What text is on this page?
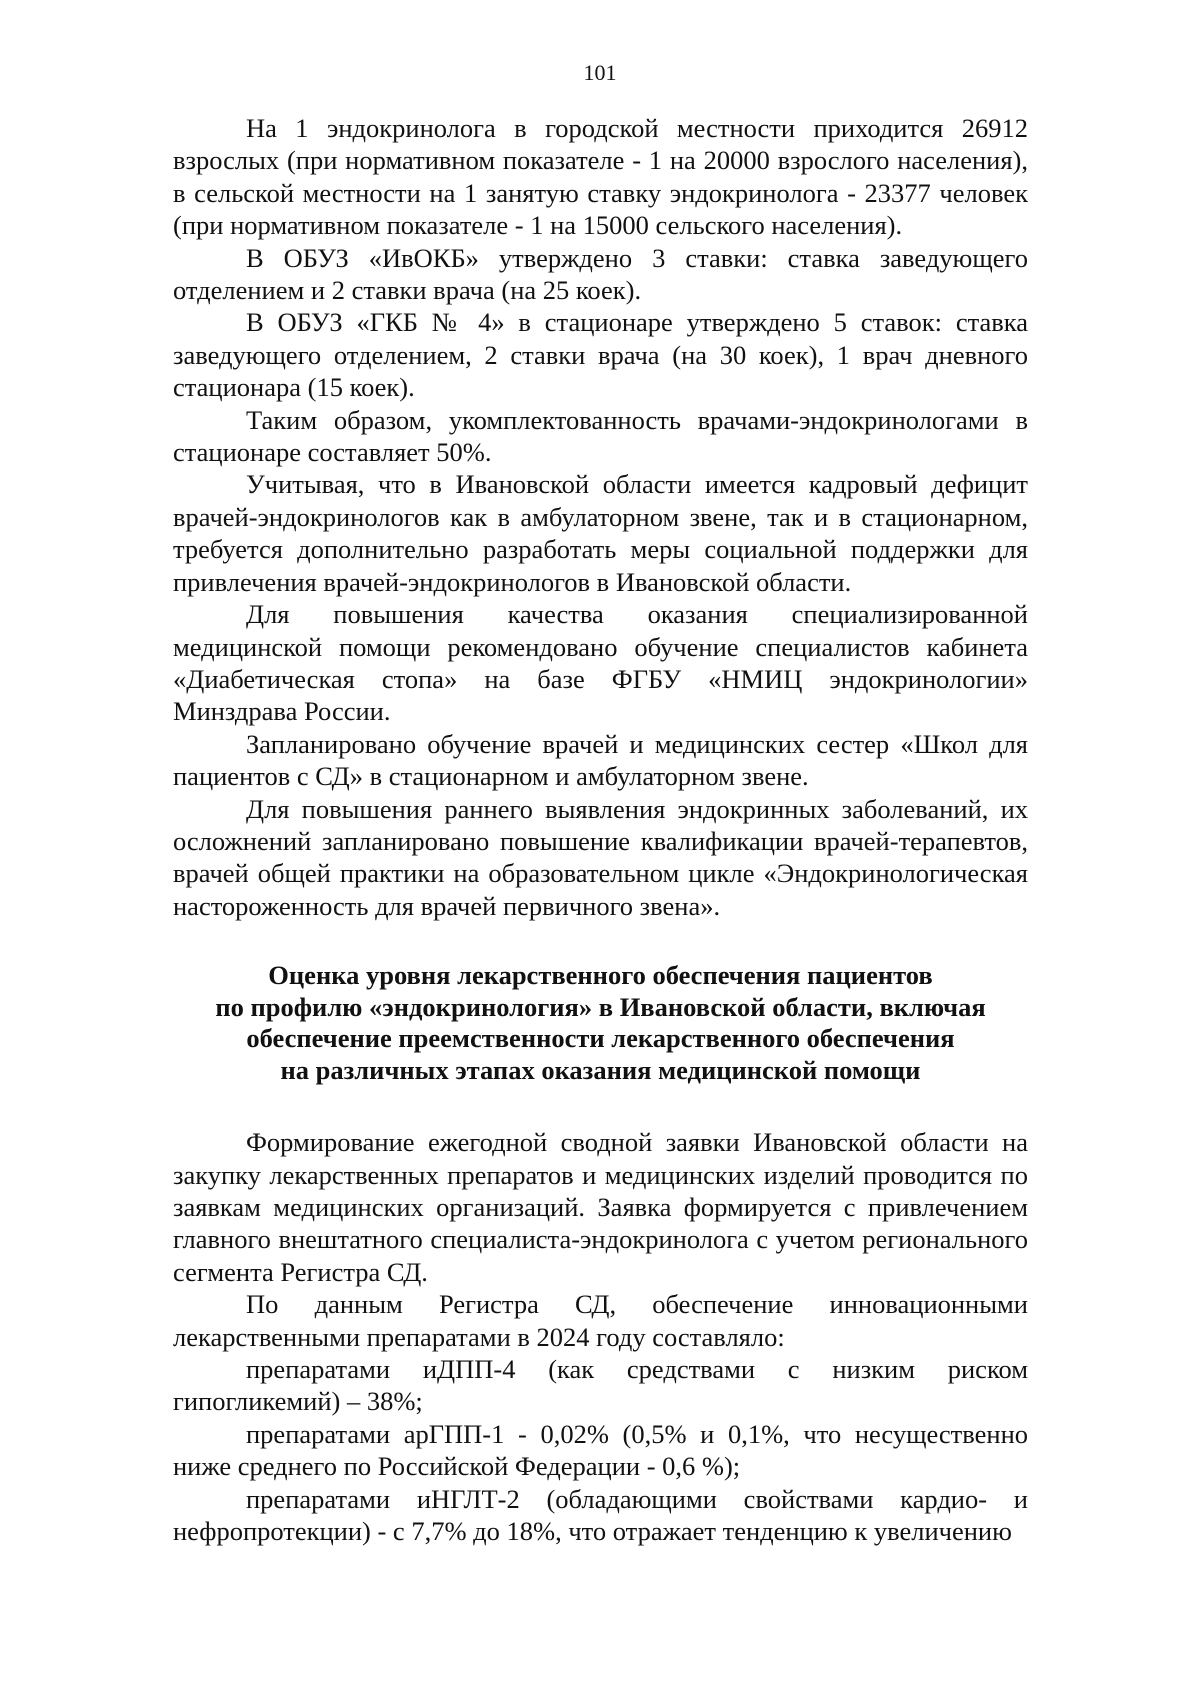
101

На 1 эндокринолога в городской местности приходится 26912 взрослых (при нормативном показателе - 1 на 20000 взрослого населения), в сельской местности на 1 занятую ставку эндокринолога - 23377 человек (при нормативном показателе - 1 на 15000 сельского населения).

В ОБУЗ «ИвОКБ» утверждено 3 ставки: ставка заведующего отделением и 2 ставки врача (на 25 коек).

В ОБУЗ «ГКБ № 4» в стационаре утверждено 5 ставок: ставка заведующего отделением, 2 ставки врача (на 30 коек), 1 врач дневного стационара (15 коек).

Таким образом, укомплектованность врачами-эндокринологами в стационаре составляет 50%.

Учитывая, что в Ивановской области имеется кадровый дефицит врачей-эндокринологов как в амбулаторном звене, так и в стационарном, требуется дополнительно разработать меры социальной поддержки для привлечения врачей-эндокринологов в Ивановской области.

Для повышения качества оказания специализированной медицинской помощи рекомендовано обучение специалистов кабинета «Диабетическая стопа» на базе ФГБУ «НМИЦ эндокринологии» Минздрава России.

Запланировано обучение врачей и медицинских сестер «Школ для пациентов с СД» в стационарном и амбулаторном звене.

Для повышения раннего выявления эндокринных заболеваний, их осложнений запланировано повышение квалификации врачей-терапевтов, врачей общей практики на образовательном цикле «Эндокринологическая настороженность для врачей первичного звена».

Оценка уровня лекарственного обеспечения пациентов
по профилю «эндокринология» в Ивановской области, включая
обеспечение преемственности лекарственного обеспечения
на различных этапах оказания медицинской помощи

Формирование ежегодной сводной заявки Ивановской области на закупку лекарственных препаратов и медицинских изделий проводится по заявкам медицинских организаций. Заявка формируется с привлечением главного внештатного специалиста-эндокринолога с учетом регионального сегмента Регистра СД.

По данным Регистра СД, обеспечение инновационными лекарственными препаратами в 2024 году составляло:

препаратами иДПП-4 (как средствами с низким риском гипогликемий) – 38%;

препаратами арГПП-1 - 0,02% (0,5% и 0,1%, что несущественно ниже среднего по Российской Федерации - 0,6 %);

препаратами иНГЛТ-2 (обладающими свойствами кардио- и нефропротекции) - с 7,7% до 18%, что отражает тенденцию к увеличению
